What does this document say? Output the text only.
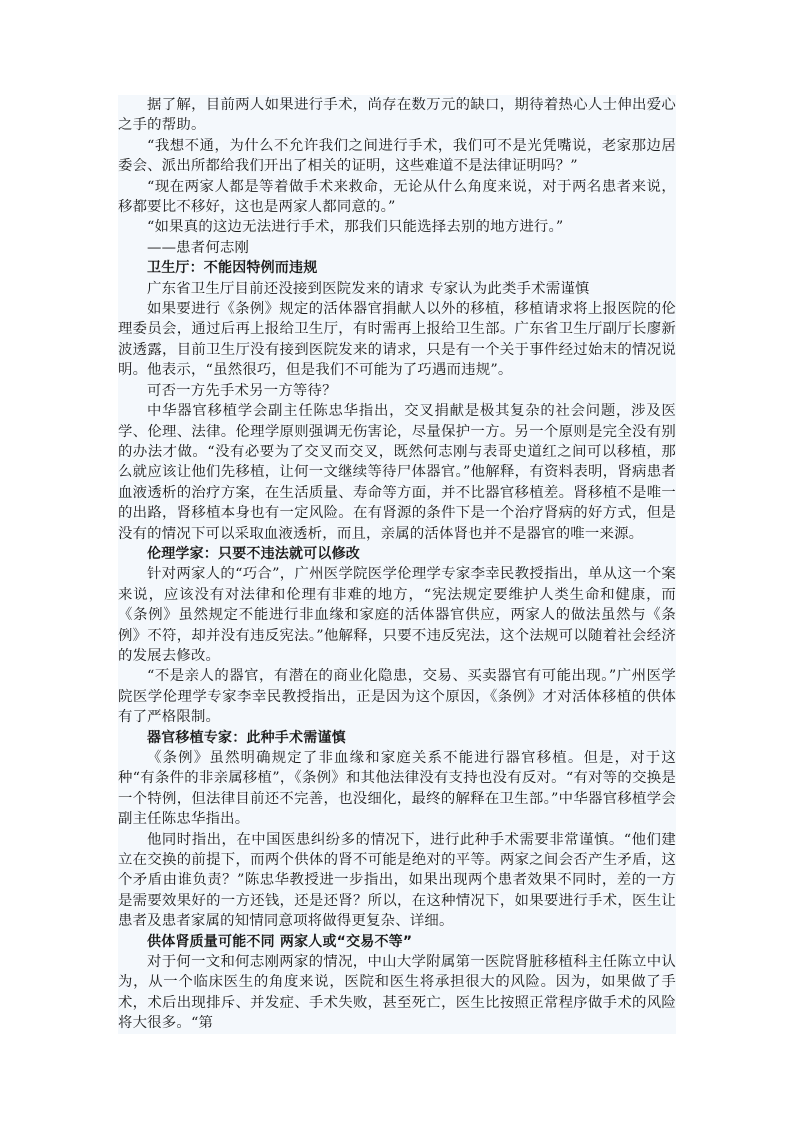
据了解，目前两人如果进行手术，尚存在数万元的缺口，期待着热心人士伸出爱心之手的帮助。

“我想不通，为什么不允许我们之间进行手术，我们可不是光凭嘴说，老家那边居委会、派出所都给我们开出了相关的证明，这些难道不是法律证明吗？”

“现在两家人都是等着做手术来救命，无论从什么角度来说，对于两名患者来说，移都要比不移好，这也是两家人都同意的。”

“如果真的这边无法进行手术，那我们只能选择去别的地方进行。”

——患者何志刚

卫生厅：不能因特例而违规

广东省卫生厅目前还没接到医院发来的请求 专家认为此类手术需谨慎

如果要进行《条例》规定的活体器官捐献人以外的移植，移植请求将上报医院的伦理委员会，通过后再上报给卫生厅，有时需再上报给卫生部。广东省卫生厅副厅长廖新波透露，目前卫生厅没有接到医院发来的请求，只是有一个关于事件经过始末的情况说明。他表示，“虽然很巧，但是我们不可能为了巧遇而违规”。

可否一方先手术另一方等待？

中华器官移植学会副主任陈忠华指出，交叉捐献是极其复杂的社会问题，涉及医学、伦理、法律。伦理学原则强调无伤害论，尽量保护一方。另一个原则是完全没有别的办法才做。“没有必要为了交叉而交叉，既然何志刚与表哥史道红之间可以移植，那么就应该让他们先移植，让何一文继续等待尸体器官。”他解释，有资料表明，肾病患者血液透析的治疗方案，在生活质量、寿命等方面，并不比器官移植差。肾移植不是唯一的出路，肾移植本身也有一定风险。在有肾源的条件下是一个治疗肾病的好方式，但是没有的情况下可以采取血液透析，而且，亲属的活体肾也并不是器官的唯一来源。

伦理学家：只要不违法就可以修改

针对两家人的“巧合”，广州医学院医学伦理学专家李幸民教授指出，单从这一个案来说，应该没有对法律和伦理有非难的地方，“宪法规定要维护人类生命和健康，而《条例》虽然规定不能进行非血缘和家庭的活体器官供应，两家人的做法虽然与《条例》不符，却并没有违反宪法。”他解释，只要不违反宪法，这个法规可以随着社会经济的发展去修改。

“不是亲人的器官，有潜在的商业化隐患，交易、买卖器官有可能出现。”广州医学院医学伦理学专家李幸民教授指出，正是因为这个原因，《条例》才对活体移植的供体有了严格限制。

器官移植专家：此种手术需谨慎

《条例》虽然明确规定了非血缘和家庭关系不能进行器官移植。但是，对于这种“有条件的非亲属移植”，《条例》和其他法律没有支持也没有反对。“有对等的交换是一个特例，但法律目前还不完善，也没细化，最终的解释在卫生部。”中华器官移植学会副主任陈忠华指出。

他同时指出，在中国医患纠纷多的情况下，进行此种手术需要非常谨慎。“他们建立在交换的前提下，而两个供体的肾不可能是绝对的平等。两家之间会否产生矛盾，这个矛盾由谁负责？”陈忠华教授进一步指出，如果出现两个患者效果不同时，差的一方是需要效果好的一方还钱，还是还肾？所以，在这种情况下，如果要进行手术，医生让患者及患者家属的知情同意项将做得更复杂、详细。

供体肾质量可能不同 两家人或“交易不等”

对于何一文和何志刚两家的情况，中山大学附属第一医院肾脏移植科主任陈立中认为，从一个临床医生的角度来说，医院和医生将承担很大的风险。因为，如果做了手术，术后出现排斥、并发症、手术失败，甚至死亡，医生比按照正常程序做手术的风险将大很多。“第
